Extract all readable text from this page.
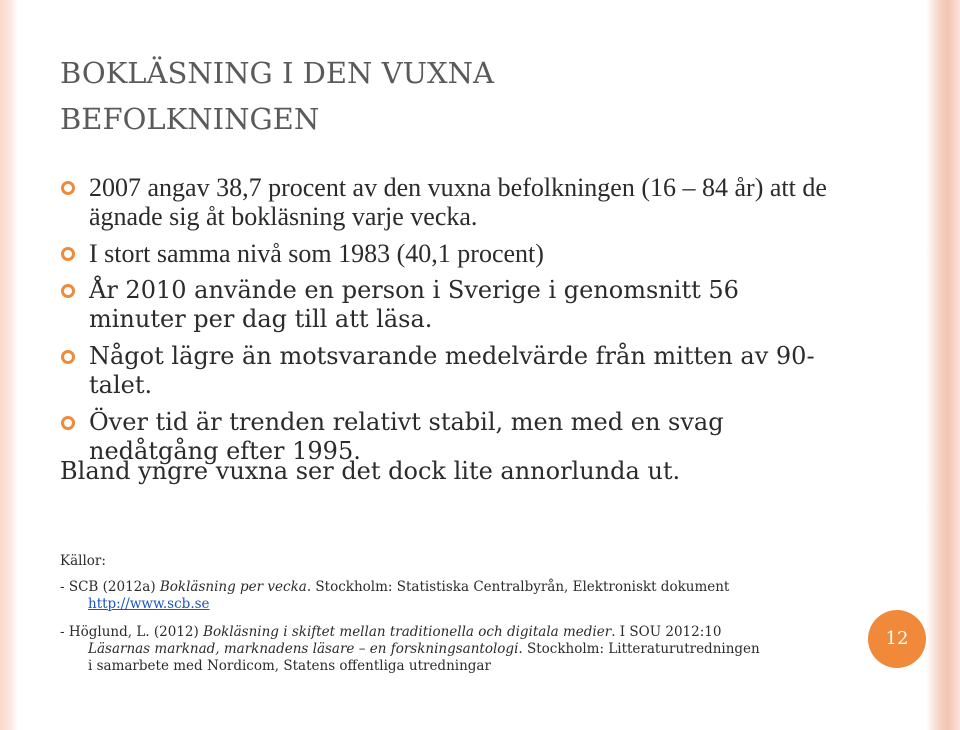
BOKLÄSNING I DEN VUXNA
BEFOLKNINGEN
2007 angav 38,7 procent av den vuxna befolkningen (16 – 84 år) att de ägnade sig åt bokläsning varje vecka.
I stort samma nivå som 1983 (40,1 procent)
År 2010 använde en person i Sverige i genomsnitt 56 minuter per dag till att läsa.
Något lägre än motsvarande medelvärde från mitten av 90-talet.
Över tid är trenden relativt stabil, men med en svag nedåtgång efter 1995.
Bland yngre vuxna ser det dock lite annorlunda ut.
Källor:
- SCB (2012a) Bokläsning per vecka. Stockholm: Statistiska Centralbyrån, Elektroniskt dokument
http://www.scb.se
- Höglund, L. (2012) Bokläsning i skiftet mellan traditionella och digitala medier. I SOU 2012:10
Läsarnas marknad, marknadens läsare – en forskningsantologi. Stockholm: Litteraturutredningen
i samarbete med Nordicom, Statens offentliga utredningar
12
